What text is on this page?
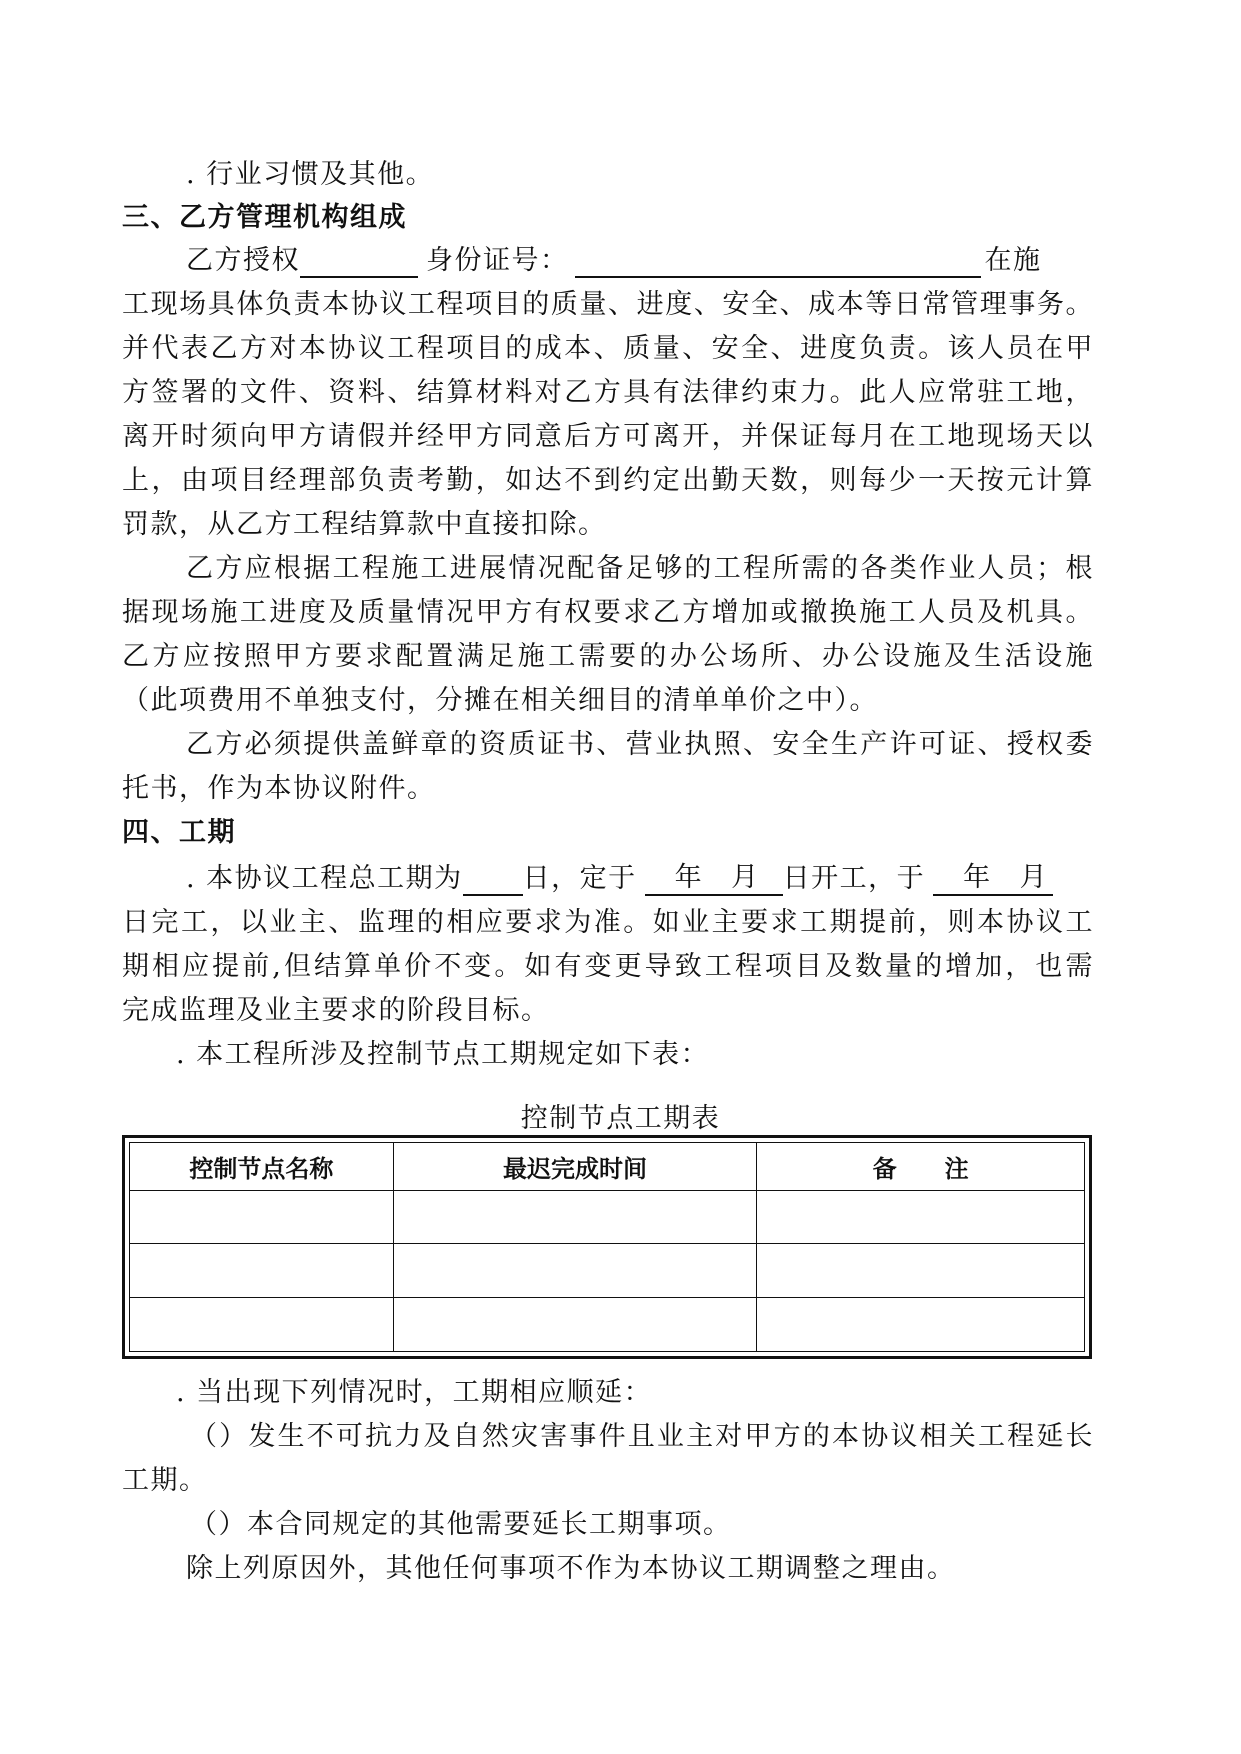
. 行业习惯及其他。
三、乙方管理机构组成
乙方授权	身份证号：	在施
工现场具体负责本协议工程项目的质量、进度、安全、成本等日常管理事务。
并代表乙方对本协议工程项目的成本、质量、安全、进度负责。该人员在甲
方签署的文件、资料、结算材料对乙方具有法律约束力。此人应常驻工地，
离开时须向甲方请假并经甲方同意后方可离开，并保证每月在工地现场天以
上，由项目经理部负责考勤，如达不到约定出勤天数，则每少一天按元计算
罚款，从乙方工程结算款中直接扣除。
乙方应根据工程施工进展情况配备足够的工程所需的各类作业人员；根
据现场施工进度及质量情况甲方有权要求乙方增加或撤换施工人员及机具。
乙方应按照甲方要求配置满足施工需要的办公场所、办公设施及生活设施
（此项费用不单独支付，分摊在相关细目的清单单价之中）。
乙方必须提供盖鲜章的资质证书、营业执照、安全生产许可证、授权委
托书，作为本协议附件。
四、工期
. 本协议工程总工期为 日，定于 年 月 日开工，于 年 月
日完工，以业主、监理的相应要求为准。如业主要求工期提前，则本协议工
期相应提前,但结算单价不变。如有变更导致工程项目及数量的增加，也需
完成监理及业主要求的阶段目标。
. 本工程所涉及控制节点工期规定如下表：
控制节点工期表
控制节点名称	最迟完成时间	备　　注

. 当出现下列情况时，工期相应顺延：
（）发生不可抗力及自然灾害事件且业主对甲方的本协议相关工程延长
工期。
（）本合同规定的其他需要延长工期事项。
除上列原因外，其他任何事项不作为本协议工期调整之理由。
